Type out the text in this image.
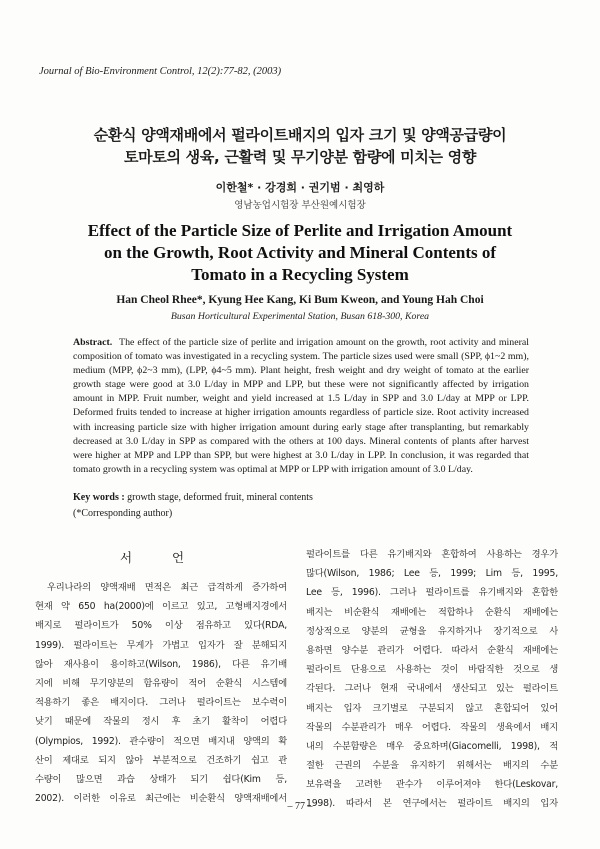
Journal of Bio-Environment Control, 12(2):77-82, (2003)
순환식 양액재배에서 펄라이트배지의 입자 크기 및 양액공급량이
토마토의 생육, 근활력 및 무기양분 함량에 미치는 영향
이한철* · 강경희 · 권기범 · 최영하
영남농업시험장 부산원예시험장
Effect of the Particle Size of Perlite and Irrigation Amount
on the Growth, Root Activity and Mineral Contents of
Tomato in a Recycling System
Han Cheol Rhee*, Kyung Hee Kang, Ki Bum Kweon, and Young Hah Choi
Busan Horticultural Experimental Station, Busan 618-300, Korea
Abstract. The effect of the particle size of perlite and irrigation amount on the growth, root activity and mineral composition of tomato was investigated in a recycling system. The particle sizes used were small (SPP, ϕ1~2 mm), medium (MPP, ϕ2~3 mm), (LPP, ϕ4~5 mm). Plant height, fresh weight and dry weight of tomato at the earlier growth stage were good at 3.0 L/day in MPP and LPP, but these were not significantly affected by irrigation amount in MPP. Fruit number, weight and yield increased at 1.5 L/day in SPP and 3.0 L/day at MPP or LPP. Deformed fruits tended to increase at higher irrigation amounts regardless of particle size. Root activity increased with increasing particle size with higher irrigation amount during early stage after transplanting, but remarkably decreased at 3.0 L/day in SPP as compared with the others at 100 days. Mineral contents of plants after harvest were higher at MPP and LPP than SPP, but were highest at 3.0 L/day in LPP. In conclusion, it was regarded that tomato growth in a recycling system was optimal at MPP or LPP with irrigation amount of 3.0 L/day.
Key words : growth stage, deformed fruit, mineral contents
(*Corresponding author)
서 언
우리나라의 양액재배 면적은 최근 급격하게 증가하여
현재 약 650 ha(2000)에 이르고 있고, 고형배지경에서
배지로 펄라이트가 50% 이상 점유하고 있다(RDA,
1999). 펄라이트는 무게가 가볍고 입자가 잘 분해되지
않아 재사용이 용이하고(Wilson, 1986), 다른 유기배
지에 비해 무기양분의 함유량이 적어 순환식 시스템에
적용하기 좋은 배지이다. 그러나 펄라이트는 보수력이
낮기 때문에 작물의 정시 후 초기 활착이 어렵다
(Olympios, 1992). 관수량이 적으면 배지내 양액의 확
산이 제대로 되지 않아 부분적으로 건조하기 쉽고 관
수량이 많으면 과습 상태가 되기 쉽다(Kim 등,
2002). 이러한 이유로 최근에는 비순환식 양액재배에서
펄라이트를 다른 유기배지와 혼합하여 사용하는 경우가
많다(Wilson, 1986; Lee 등, 1999; Lim 등, 1995,
Lee 등, 1996). 그러나 펄라이트를 유기배지와 혼합한
배지는 비순환식 재배에는 적합하나 순환식 재배에는
정상적으로 양분의 균형을 유지하거나 장기적으로 사
용하면 양수분 관리가 어렵다. 따라서 순환식 재배에는
펄라이트 단용으로 사용하는 것이 바람직한 것으로 생
각된다. 그러나 현재 국내에서 생산되고 있는 펄라이트
배지는 입자 크기별로 구분되지 않고 혼합되어 있어
작물의 수분관리가 매우 어렵다. 작물의 생육에서 배지
내의 수분함량은 매우 중요하며(Giacomelli, 1998), 적
절한 근권의 수분을 유지하기 위해서는 배지의 수분
보유력을 고려한 관수가 이루어져야 한다(Leskovar,
1998). 따라서 본 연구에서는 펄라이트 배지의 입자
– 77 –
